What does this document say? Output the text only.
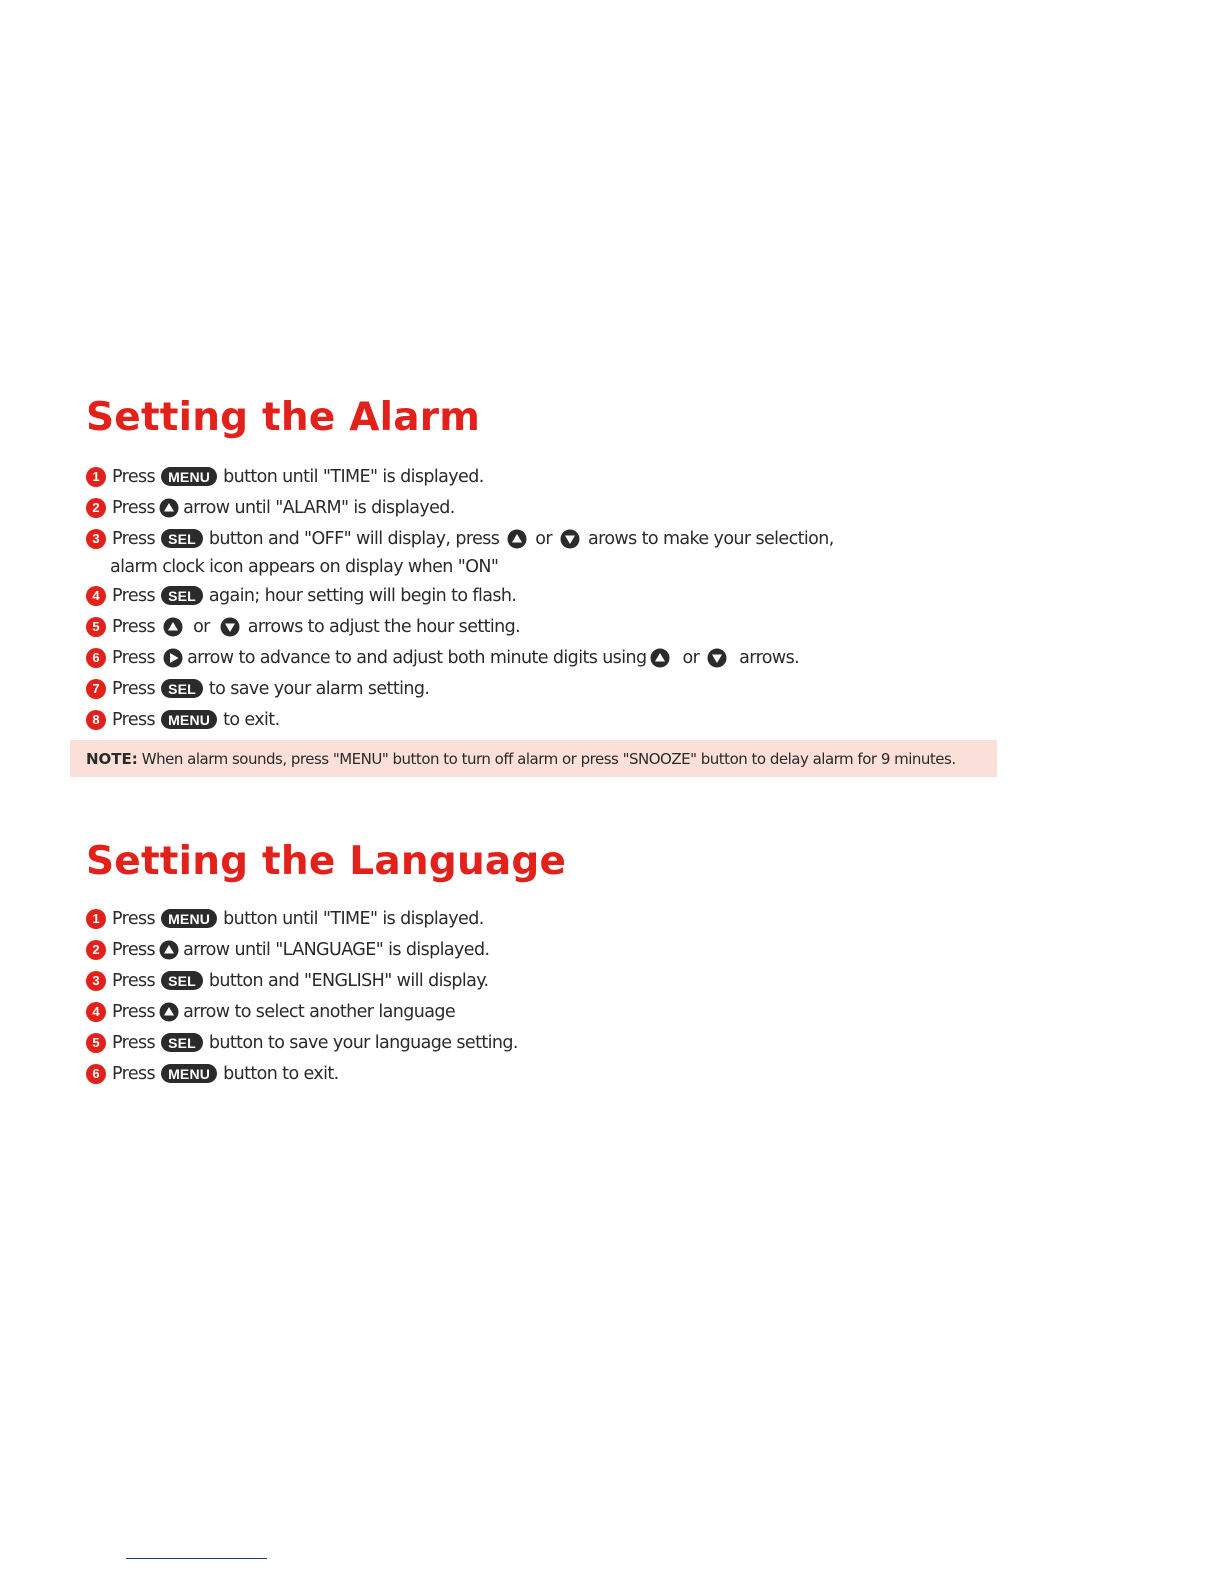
Setting the Alarm
1 Press MENU button until "TIME" is displayed.
2 Press arrow until "ALARM" is displayed.
3 Press SEL button and "OFF" will display, press or arows to make your selection,
alarm clock icon appears on display when "ON"
4 Press SEL again; hour setting will begin to flash.
5 Press or arrows to adjust the hour setting.
6 Press arrow to advance to and adjust both minute digits using or arrows.
7 Press SEL to save your alarm setting.
8 Press MENU to exit.
NOTE: When alarm sounds, press "MENU" button to turn off alarm or press "SNOOZE" button to delay alarm for 9 minutes.
Setting the Language
1 Press MENU button until "TIME" is displayed.
2 Press arrow until "LANGUAGE" is displayed.
3 Press SEL button and "ENGLISH" will display.
4 Press arrow to select another language
5 Press SEL button to save your language setting.
6 Press MENU button to exit.
